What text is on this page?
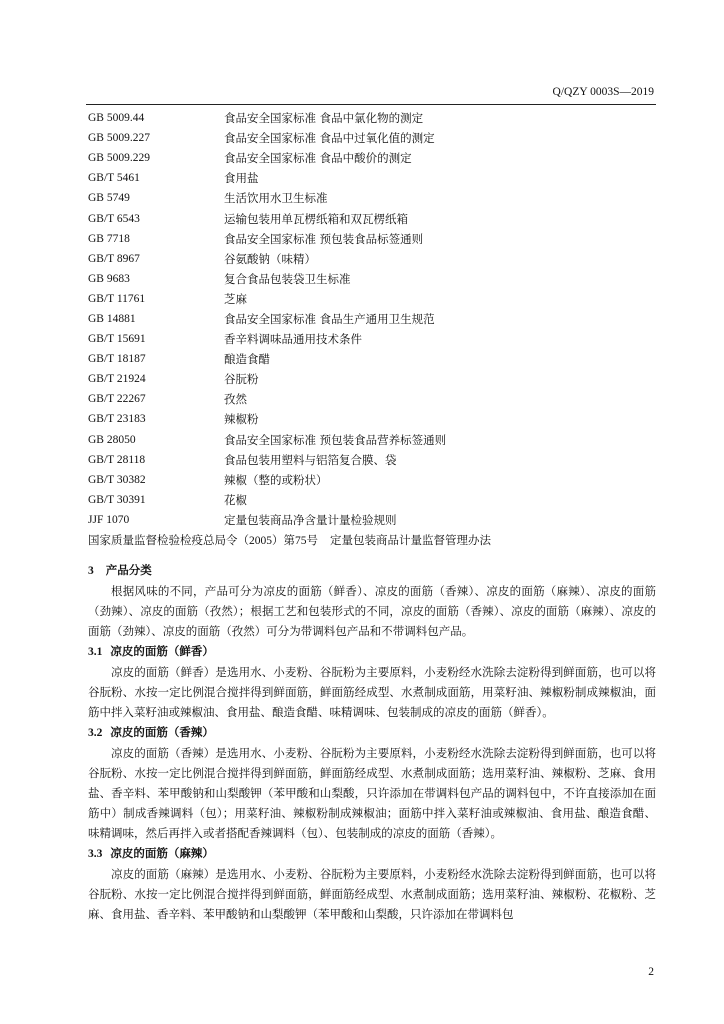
Q/QZY 0003S—2019
GB 5009.44	食品安全国家标准 食品中氯化物的测定
GB 5009.227	食品安全国家标准 食品中过氧化值的测定
GB 5009.229	食品安全国家标准 食品中酸价的测定
GB/T 5461	食用盐
GB 5749	生活饮用水卫生标准
GB/T 6543	运输包装用单瓦楞纸箱和双瓦楞纸箱
GB 7718	食品安全国家标准 预包装食品标签通则
GB/T 8967	谷氨酸钠（味精）
GB 9683	复合食品包装袋卫生标准
GB/T 11761	芝麻
GB 14881	食品安全国家标准 食品生产通用卫生规范
GB/T 15691	香辛料调味品通用技术条件
GB/T 18187	酿造食醋
GB/T 21924	谷朊粉
GB/T 22267	孜然
GB/T 23183	辣椒粉
GB 28050	食品安全国家标准 预包装食品营养标签通则
GB/T 28118	食品包装用塑料与铝箔复合膜、袋
GB/T 30382	辣椒（整的或粉状）
GB/T 30391	花椒
JJF 1070	定量包装商品净含量计量检验规则
国家质量监督检验检疫总局令（2005）第75号 定量包装商品计量监督管理办法
3 产品分类

根据风味的不同，产品可分为凉皮的面筋（鲜香）、凉皮的面筋（香辣）、凉皮的面筋（麻辣）、凉皮的面筋（劲辣）、凉皮的面筋（孜然）；根据工艺和包装形式的不同，凉皮的面筋（香辣）、凉皮的面筋（麻辣）、凉皮的面筋（劲辣）、凉皮的面筋（孜然）可分为带调料包产品和不带调料包产品。

3.1 凉皮的面筋（鲜香）

凉皮的面筋（鲜香）是选用水、小麦粉、谷朊粉为主要原料，小麦粉经水洗除去淀粉得到鲜面筋，也可以将谷朊粉、水按一定比例混合搅拌得到鲜面筋，鲜面筋经成型、水煮制成面筋，用菜籽油、辣椒粉制成辣椒油，面筋中拌入菜籽油或辣椒油、食用盐、酿造食醋、味精调味、包装制成的凉皮的面筋（鲜香）。

3.2 凉皮的面筋（香辣）

凉皮的面筋（香辣）是选用水、小麦粉、谷朊粉为主要原料，小麦粉经水洗除去淀粉得到鲜面筋，也可以将谷朊粉、水按一定比例混合搅拌得到鲜面筋，鲜面筋经成型、水煮制成面筋；选用菜籽油、辣椒粉、芝麻、食用盐、香辛料、苯甲酸钠和山梨酸钾（苯甲酸和山梨酸，只许添加在带调料包产品的调料包中，不许直接添加在面筋中）制成香辣调料（包）；用菜籽油、辣椒粉制成辣椒油；面筋中拌入菜籽油或辣椒油、食用盐、酿造食醋、味精调味，然后再拌入或者搭配香辣调料（包）、包装制成的凉皮的面筋（香辣）。

3.3 凉皮的面筋（麻辣）

凉皮的面筋（麻辣）是选用水、小麦粉、谷朊粉为主要原料，小麦粉经水洗除去淀粉得到鲜面筋，也可以将谷朊粉、水按一定比例混合搅拌得到鲜面筋，鲜面筋经成型、水煮制成面筋；选用菜籽油、辣椒粉、花椒粉、芝麻、食用盐、香辛料、苯甲酸钠和山梨酸钾（苯甲酸和山梨酸，只许添加在带调料包

2
